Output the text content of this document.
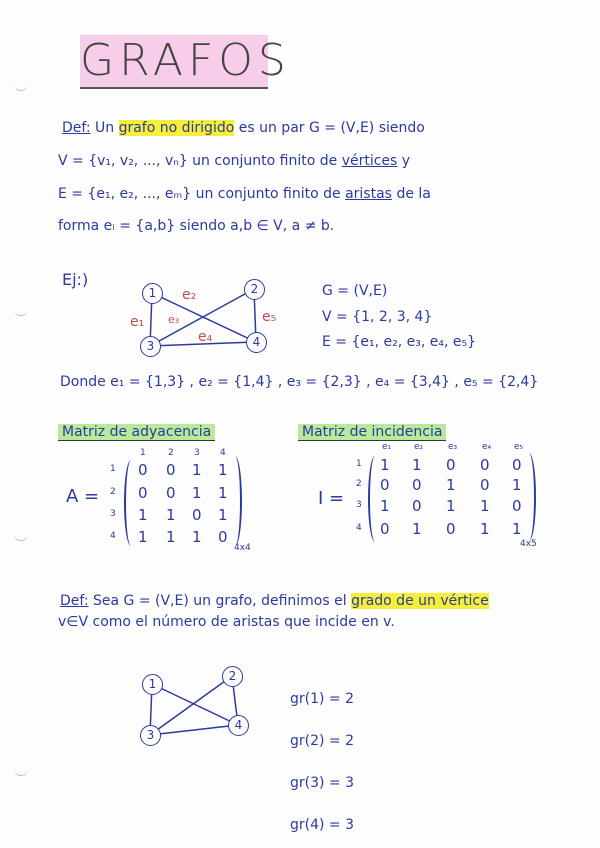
GRAFOS
Def: Un grafo no dirigido es un par G = (V,E) siendo
V = {v₁, v₂, ..., vₙ} un conjunto finito de vértices y
E = {e₁, e₂, ..., eₘ} un conjunto finito de aristas de la
forma eᵢ = {a,b} siendo a,b ∈ V, a ≠ b.
Ej:)
e₂
e₁ e₃	e₅
e₄
G = (V,E)
V = {1, 2, 3, 4}
E = {e₁, e₂, e₃, e₄, e₅}
Donde e₁ = {1,3} , e₂ = {1,4} , e₃ = {2,3} , e₄ = {3,4} , e₅ = {2,4}
Matriz de adyacencia	Matriz de incidencia
A =	I =
4x4	4x5
Def: Sea G = (V,E) un grafo, definimos el grado de un vértice
v∈V como el número de aristas que incide en v.

gr(1) = 2

gr(2) = 2

gr(3) = 3

gr(4) = 3

1	2
3	4
1
2
3
4
1 2 3 4
1 0 0 1 1
2 0 0 1 1
3 1 1 0 1
4 1 1 1 0
e₁	e₂	e₃	e₄	e₅
1 1 1 0 0 0
2 0 0 1 0 1
3 1 0 1 1 0
4 0 1 0 1 1
